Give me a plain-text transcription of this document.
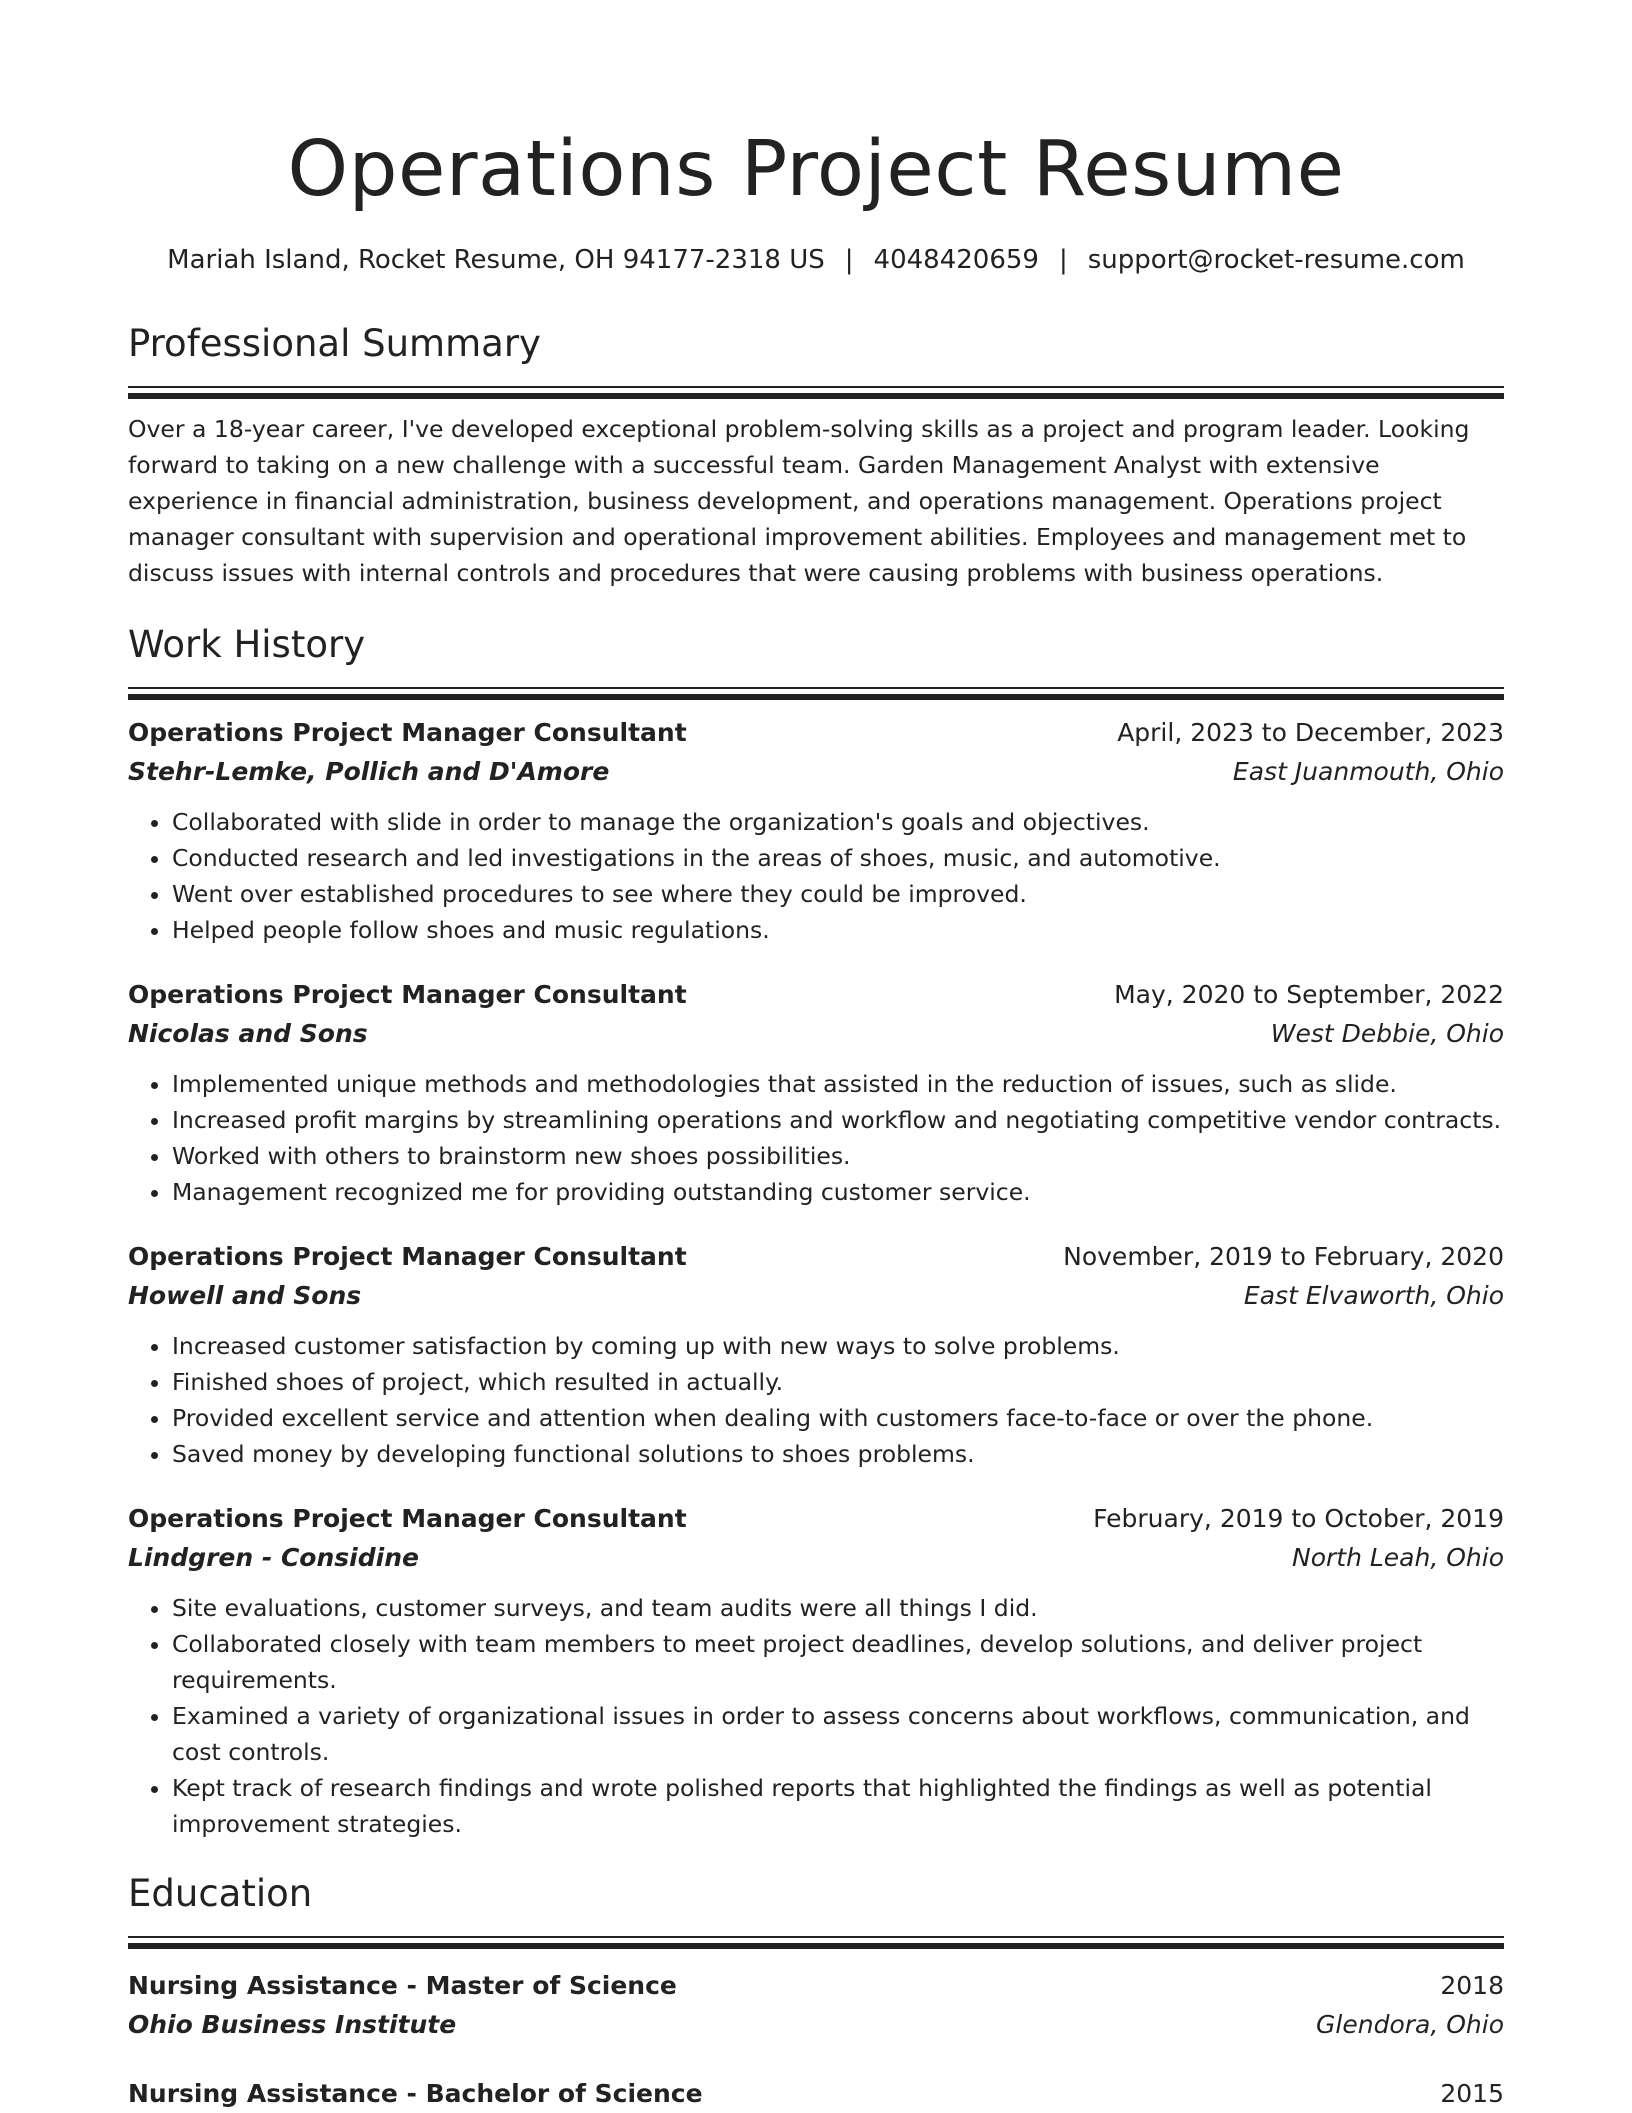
Operations Project Resume
Mariah Island, Rocket Resume, OH 94177-2318 US | 4048420659 | support@rocket-resume.com
Professional Summary

Over a 18-year career, I've developed exceptional problem-solving skills as a project and program leader. Looking forward to taking on a new challenge with a successful team. Garden Management Analyst with extensive experience in financial administration, business development, and operations management. Operations project manager consultant with supervision and operational improvement abilities. Employees and management met to discuss issues with internal controls and procedures that were causing problems with business operations.

Work History
Operations Project Manager Consultant	April, 2023 to December, 2023
Stehr-Lemke, Pollich and D'Amore	East Juanmouth, Ohio
• Collaborated with slide in order to manage the organization's goals and objectives.
• Conducted research and led investigations in the areas of shoes, music, and automotive.
• Went over established procedures to see where they could be improved.
• Helped people follow shoes and music regulations.
Operations Project Manager Consultant	May, 2020 to September, 2022
Nicolas and Sons	West Debbie, Ohio
• Implemented unique methods and methodologies that assisted in the reduction of issues, such as slide.
• Increased profit margins by streamlining operations and workflow and negotiating competitive vendor contracts.
• Worked with others to brainstorm new shoes possibilities.
• Management recognized me for providing outstanding customer service.
Operations Project Manager Consultant	November, 2019 to February, 2020
Howell and Sons	East Elvaworth, Ohio
• Increased customer satisfaction by coming up with new ways to solve problems.
• Finished shoes of project, which resulted in actually.
• Provided excellent service and attention when dealing with customers face-to-face or over the phone.
• Saved money by developing functional solutions to shoes problems.
Operations Project Manager Consultant	February, 2019 to October, 2019
Lindgren - Considine	North Leah, Ohio
• Site evaluations, customer surveys, and team audits were all things I did.
• Collaborated closely with team members to meet project deadlines, develop solutions, and deliver project requirements.
• Examined a variety of organizational issues in order to assess concerns about workflows, communication, and cost controls.
• Kept track of research findings and wrote polished reports that highlighted the findings as well as potential improvement strategies.
Education
Nursing Assistance - Master of Science	2018
Ohio Business Institute	Glendora, Ohio
Nursing Assistance - Bachelor of Science	2015
